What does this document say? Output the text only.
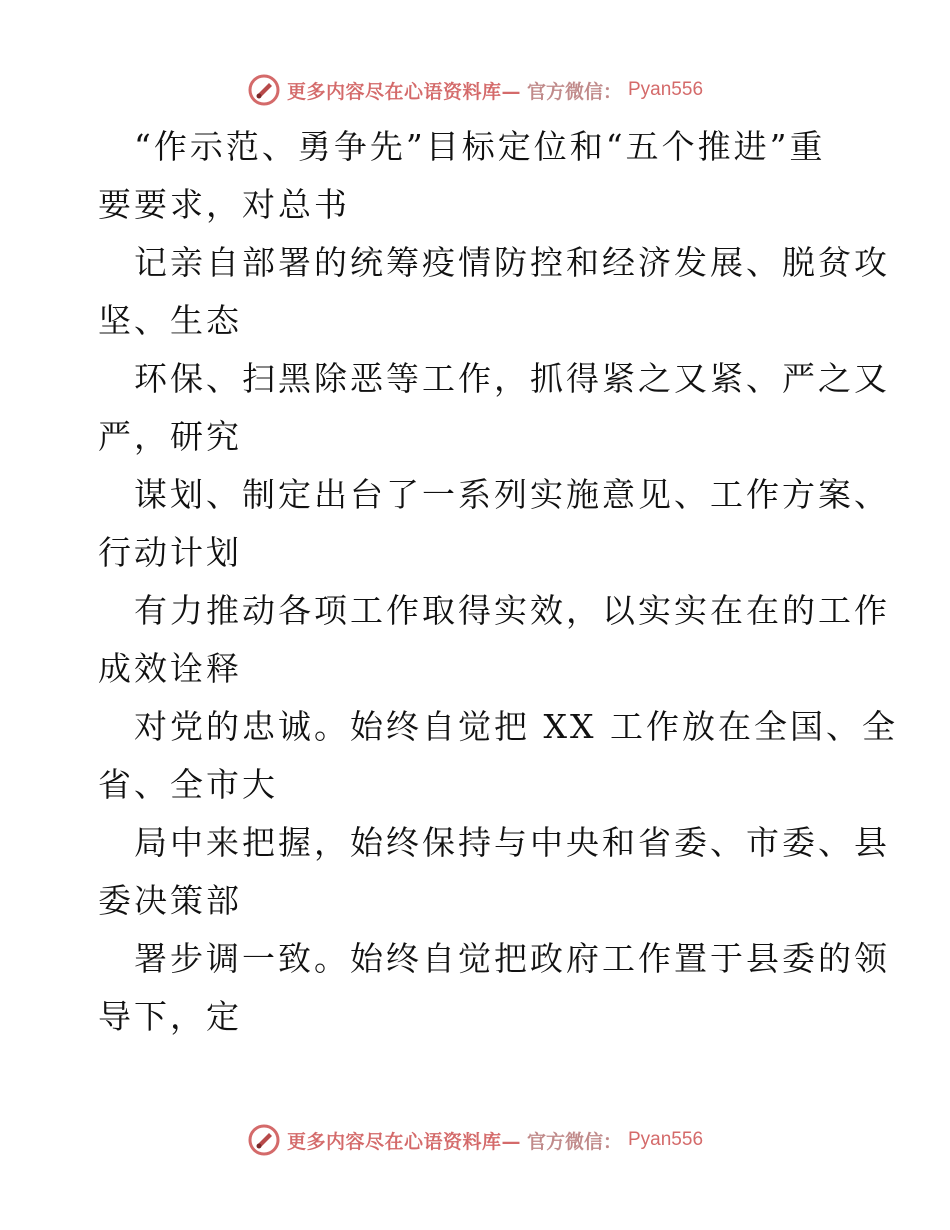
更多内容尽在心语资料库— 官方微信： Pyan556
“作示范、勇争先”目标定位和“五个推进”重
要要求，对总书
记亲自部署的统筹疫情防控和经济发展、脱贫攻
坚、生态
环保、扫黑除恶等工作，抓得紧之又紧、严之又
严，研究
谋划、制定出台了一系列实施意见、工作方案、
行动计划
有力推动各项工作取得实效，以实实在在的工作
成效诠释
对党的忠诚。始终自觉把 XX 工作放在全国、全
省、全市大
局中来把握，始终保持与中央和省委、市委、县
委决策部
署步调一致。始终自觉把政府工作置于县委的领
导下，定
更多内容尽在心语资料库— 官方微信： Pyan556
